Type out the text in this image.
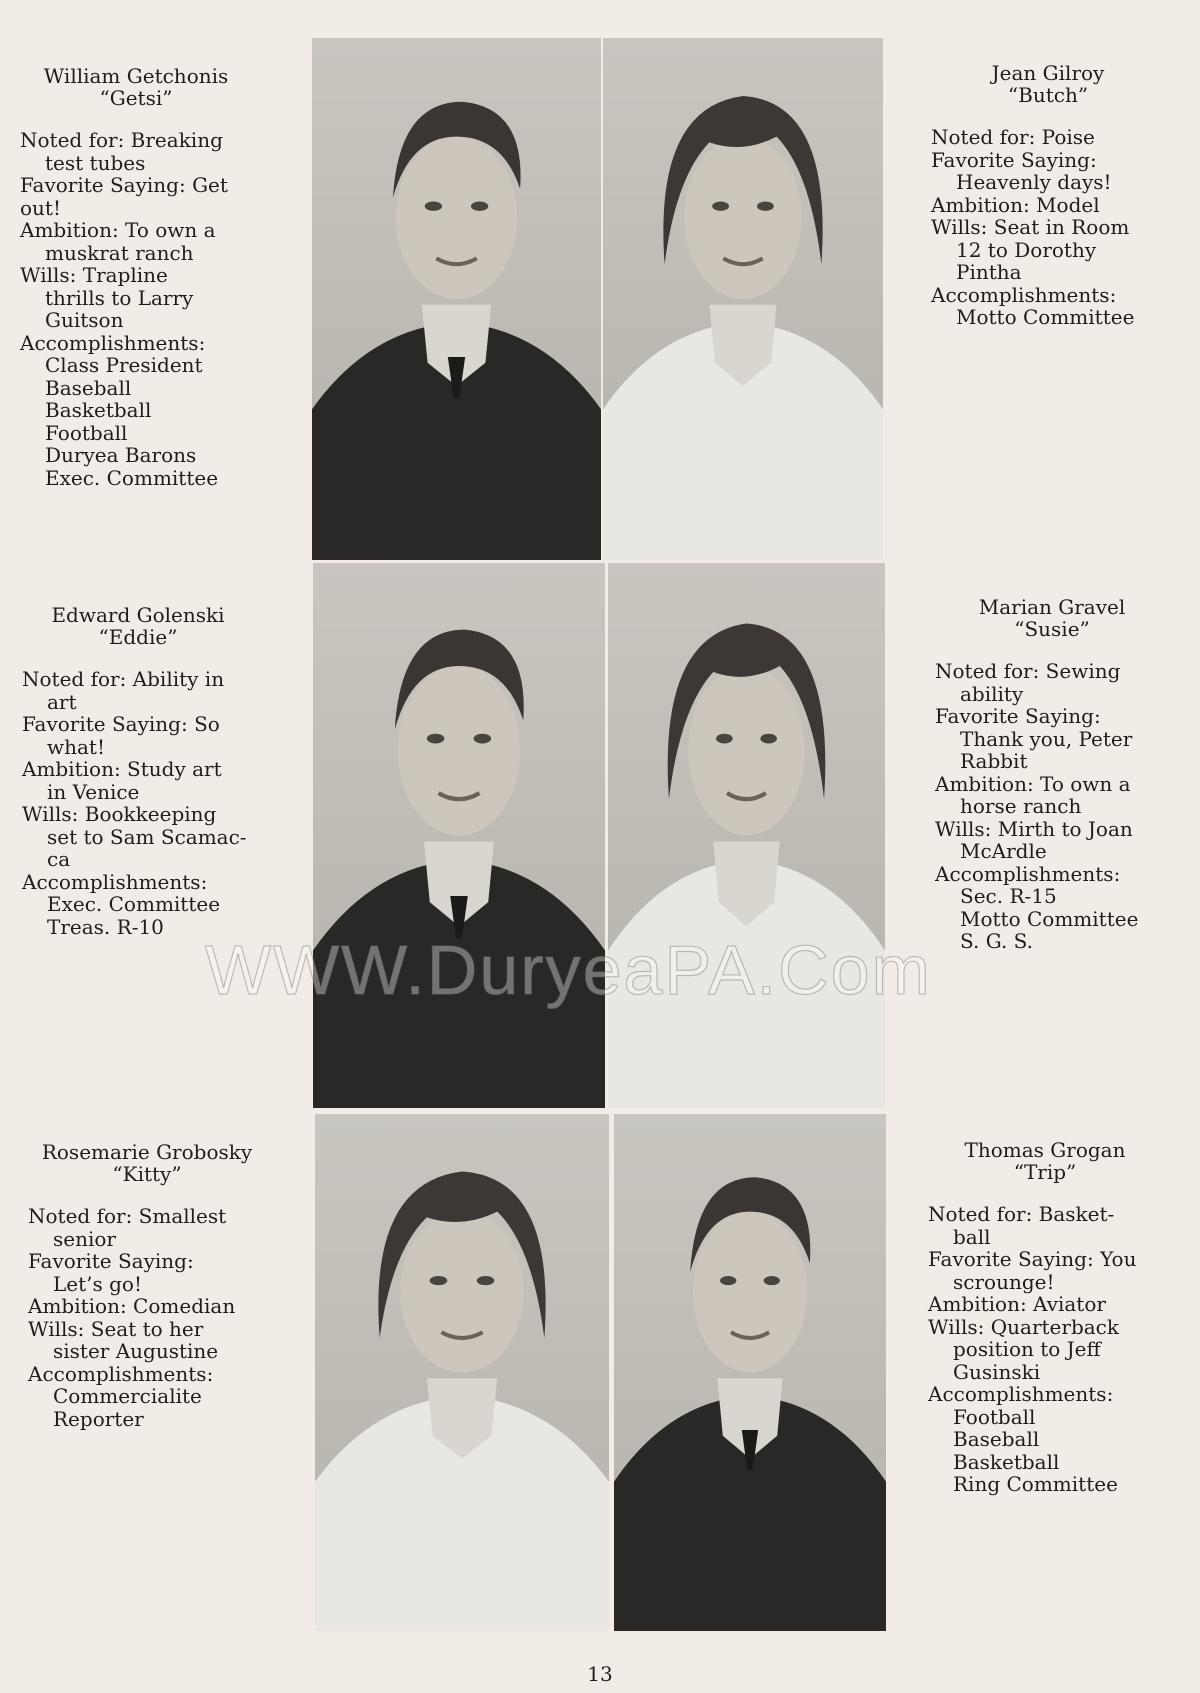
William Getchonis
“Getsi”
Noted for: Breaking
test tubes
Favorite Saying: Get
out!
Ambition: To own a
muskrat ranch
Wills: Trapline
thrills to Larry
Guitson
Accomplishments:
Class President
Baseball
Basketball
Football
Duryea Barons
Exec. Committee
Jean Gilroy
“Butch”
Noted for: Poise
Favorite Saying:
Heavenly days!
Ambition: Model
Wills: Seat in Room
12 to Dorothy
Pintha
Accomplishments:
Motto Committee
Edward Golenski
“Eddie”
Noted for: Ability in
art
Favorite Saying: So
what!
Ambition: Study art
in Venice
Wills: Bookkeeping
set to Sam Scamac-
ca
Accomplishments:
Exec. Committee
Treas. R-10
Marian Gravel
“Susie”
Noted for: Sewing
ability
Favorite Saying:
Thank you, Peter
Rabbit
Ambition: To own a
horse ranch
Wills: Mirth to Joan
McArdle
Accomplishments:
Sec. R-15
Motto Committee
S. G. S.
Rosemarie Grobosky
“Kitty”
Noted for: Smallest
senior
Favorite Saying:
Let’s go!
Ambition: Comedian
Wills: Seat to her
sister Augustine
Accomplishments:
Commercialite
Reporter
Thomas Grogan
“Trip”
Noted for: Basket-
ball
Favorite Saying: You
scrounge!
Ambition: Aviator
Wills: Quarterback
position to Jeff
Gusinski
Accomplishments:
Football
Baseball
Basketball
Ring Committee
WWW.DuryeaPA.Com
13
